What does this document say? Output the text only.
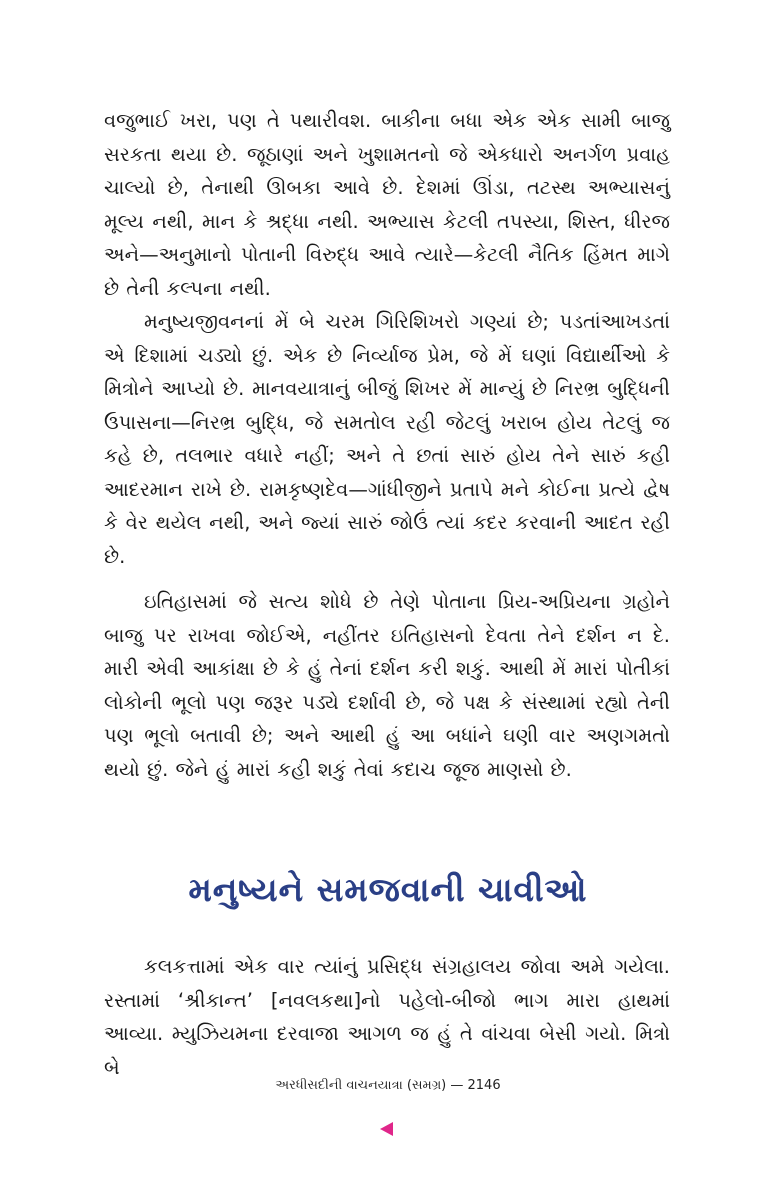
વજુભાઈ ખરા, પણ તે પથારીવશ. બાકીના બધા એક એક સામી બાજુ સરકતા થયા છે. જૂઠાણાં અને ખુશામતનો જે એકધારો અનર્ગળ પ્રવાહ ચાલ્યો છે, તેનાથી ઊબકા આવે છે. દેશમાં ઊંડા, તટસ્થ અભ્યાસનું મૂલ્ય નથી, માન કે શ્રદ્ધા નથી. અભ્યાસ કેટલી તપસ્યા, શિસ્ત, ધીરજ અને—અનુમાનો પોતાની વિરુદ્ધ આવે ત્યારે—કેટલી નૈતિક હિંમત માગે છે તેની કલ્પના નથી.

મનુષ્યજીવનનાં મેં બે ચરમ ગિરિશિખરો ગણ્યાં છે; પડતાંઆખડતાં એ દિશામાં ચડ્યો છું. એક છે નિર્વ્યાજ પ્રેમ, જે મેં ઘણાં વિદ્યાર્થીઓ કે મિત્રોને આપ્યો છે. માનવયાત્રાનું બીજું શિખર મેં માન્યું છે નિરભ્ર બુદ્ધિની ઉપાસના—નિરભ્ર બુદ્ધિ, જે સમતોલ રહી જેટલું ખરાબ હોય તેટલું જ કહે છે, તલભાર વધારે નહીં; અને તે છતાં સારું હોય તેને સારું કહી આદરમાન રાખે છે. રામકૃષ્ણદેવ—ગાંધીજીને પ્રતાપે મને કોઈના પ્રત્યે દ્વેષ કે વેર થયેલ નથી, અને જ્યાં સારું જોઉં ત્યાં કદર કરવાની આદત રહી છે.

ઇતિહાસમાં જે સત્ય શોધે છે તેણે પોતાના પ્રિય-અપ્રિયના ગ્રહોને બાજુ પર રાખવા જોઈએ, નહીંતર ઇતિહાસનો દેવતા તેને દર્શન ન દે. મારી એવી આકાંક્ષા છે કે હું તેનાં દર્શન કરી શકું. આથી મેં મારાં પોતીકાં લોકોની ભૂલો પણ જરૂર પડ્યે દર્શાવી છે, જે પક્ષ કે સંસ્થામાં રહ્યો તેની પણ ભૂલો બતાવી છે; અને આથી હું આ બધાંને ઘણી વાર અણગમતો થયો છું. જેને હું મારાં કહી શકું તેવાં કદાચ જૂજ માણસો છે.

મનુષ્યને સમજવાની ચાવીઓ

કલકત્તામાં એક વાર ત્યાંનું પ્રસિદ્ધ સંગ્રહાલય જોવા અમે ગયેલા. રસ્તામાં ‘શ્રીકાન્ત’ [નવલકથા]નો પહેલો-બીજો ભાગ મારા હાથમાં આવ્યા. મ્યુઝિયમના દરવાજા આગળ જ હું તે વાંચવા બેસી ગયો. મિત્રો બે

અરધીસદીની વાચનયાત્રા (સમગ્ર) — 2146
